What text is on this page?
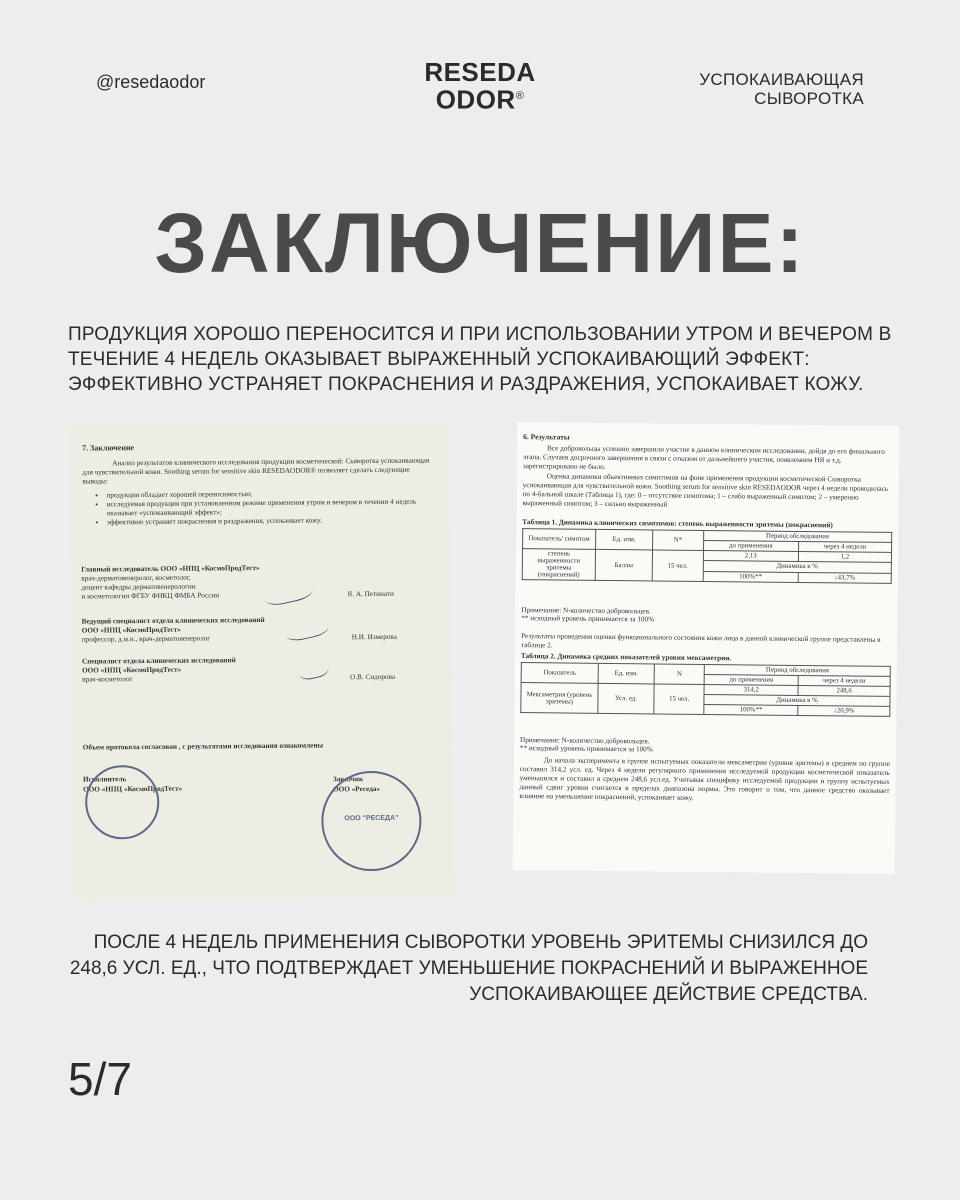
@resedaodor	RESEDA
ODOR®
УСПОКАИВАЮЩАЯ
СЫВОРОТКА
ЗАКЛЮЧЕНИЕ:
ПРОДУКЦИЯ ХОРОШО ПЕРЕНОСИТСЯ И ПРИ ИСПОЛЬЗОВАНИИ УТРОМ И ВЕЧЕРОМ В ТЕЧЕНИЕ 4 НЕДЕЛЬ ОКАЗЫВАЕТ ВЫРАЖЕННЫЙ УСПОКАИВАЮЩИЙ ЭФФЕКТ: ЭФФЕКТИВНО УСТРАНЯЕТ ПОКРАСНЕНИЯ И РАЗДРАЖЕНИЯ, УСПОКАИВАЕТ КОЖУ.
7. Заключение
Анализ результатов клинического исследования продукции косметической: Сыворотка успокаивающая для чувствительной кожи. Soothing serum for sensitive skin RESEDAODOR® позволяет сделать следующие выводы:
• продукция обладает хорошей переносимостью;
• исследуемая продукция при установленном режиме применения утром и вечером в течении 4 недель оказывает «успокаивающий эффект»;
• эффективно устраняет покраснения и раздражения, успокаивает кожу.
Главный исследователь ООО «НПЦ «КосмоПродТест»
врач-дерматовенеролог, косметолог,
доцент кафедры дерматовенерологии
и косметологии ФГБУ ФНКЦ ФМБА России	Я. А. Петинати
Ведущий специалист отдела клинических исследований
ООО «НПЦ «КосмоПродТест»
профессор, д.м.н., врач-дерматовенеролог	Н.И. Измерова
Специалист отдела клинических исследований
ООО «НПЦ «КосмоПродТест»
врач-косметолог	О.В. Сидорова
Объем протокола согласован , с результатами исследования ознакомлены
Исполнитель
ООО «НПЦ «КосмоПродТест»
Заказчик
ООО «Реседа»
ООО "РЕСЕДА"
6. Результаты
Все добровольцы успешно завершили участие в данном клиническом исследовании, дойдя до его финального этапа. Случаев досрочного завершения в связи с отказом от дальнейшего участия, появлением НЯ и т.д. зарегистрировано не было.
Оценка динамики объективных симптомов на фоне применения продукции косметической Сыворотка успокаивающая для чувствительной кожи. Soothing serum for sensitive skin RESEDAODOR через 4 недели проводилась по 4-бальной шкале (Таблица 1), где: 0 – отсутствие симптома; 1 – слабо выраженный симптом; 2 – умеренно выраженный симптом; 3 – сильно выраженный
Таблица 1. Динамика клинических симптомов: степень выраженности эритемы (покраснений)
Показатель/ симптом	Ед. изм.	N*	Период обследования	
			до применения	через 4 недели
степень выраженности эритемы (покраснений)	Баллы	15 чел.	2,13	1,2
			Динамика в %	
			100%**	↓43,7%
Примечание: N-количество добровольцев.
** исходный уровень принимается за 100%
Результаты проведения оценки функционального состояния кожи лица в данной клинической группе представлены в таблице 2.
Таблица 2. Динамика средних показателей уровня мексаметрии.
Показатель	Ед. изм.	N	Период обследования	
			до применения	через 4 недели
Мексаметрия (уровень эритемы)	Усл. ед.	15 чел.	314,2	248,6
			Динамика в %	
			100%**	↓20,9%
Примечание: N-количество добровольцев.
** исходный уровень принимается за 100%
До начала эксперимента в группе испытуемых показатели мексаметрии (уровня эритемы) в среднем по группе составил 314,2 усл. ед. Через 4 недели регулярного применения исследуемой продукции косметической показатель уменьшился и составил в среднем 248,6 усл.ед. Учитывая специфику исследуемой продукции и группу испытуемых данный сдвиг уровня считается в пределах диапазона нормы. Это говорит о том, что данное средство оказывает влияние на уменьшение покраснений, успокаивает кожу.
ПОСЛЕ 4 НЕДЕЛЬ ПРИМЕНЕНИЯ СЫВОРОТКИ УРОВЕНЬ ЭРИТЕМЫ СНИЗИЛСЯ ДО 248,6 УСЛ. ЕД., ЧТО ПОДТВЕРЖДАЕТ УМЕНЬШЕНИЕ ПОКРАСНЕНИЙ И ВЫРАЖЕННОЕ УСПОКАИВАЮЩЕЕ ДЕЙСТВИЕ СРЕДСТВА.
5/7
